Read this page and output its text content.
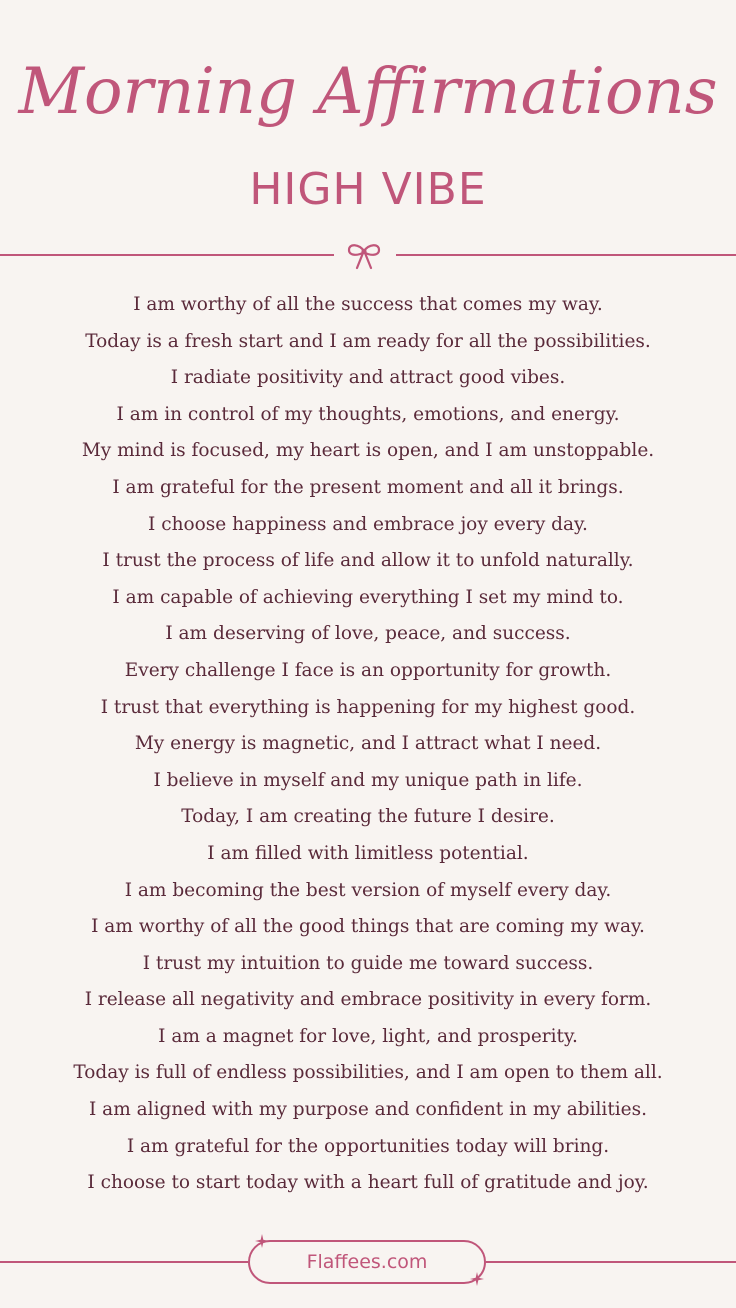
Morning Affirmations
HIGH VIBE
I am worthy of all the success that comes my way.
Today is a fresh start and I am ready for all the possibilities.
I radiate positivity and attract good vibes.
I am in control of my thoughts, emotions, and energy.
My mind is focused, my heart is open, and I am unstoppable.
I am grateful for the present moment and all it brings.
I choose happiness and embrace joy every day.
I trust the process of life and allow it to unfold naturally.
I am capable of achieving everything I set my mind to.
I am deserving of love, peace, and success.
Every challenge I face is an opportunity for growth.
I trust that everything is happening for my highest good.
My energy is magnetic, and I attract what I need.
I believe in myself and my unique path in life.
Today, I am creating the future I desire.
I am filled with limitless potential.
I am becoming the best version of myself every day.
I am worthy of all the good things that are coming my way.
I trust my intuition to guide me toward success.
I release all negativity and embrace positivity in every form.
I am a magnet for love, light, and prosperity.
Today is full of endless possibilities, and I am open to them all.
I am aligned with my purpose and confident in my abilities.
I am grateful for the opportunities today will bring.
I choose to start today with a heart full of gratitude and joy.
Flaffees.com
